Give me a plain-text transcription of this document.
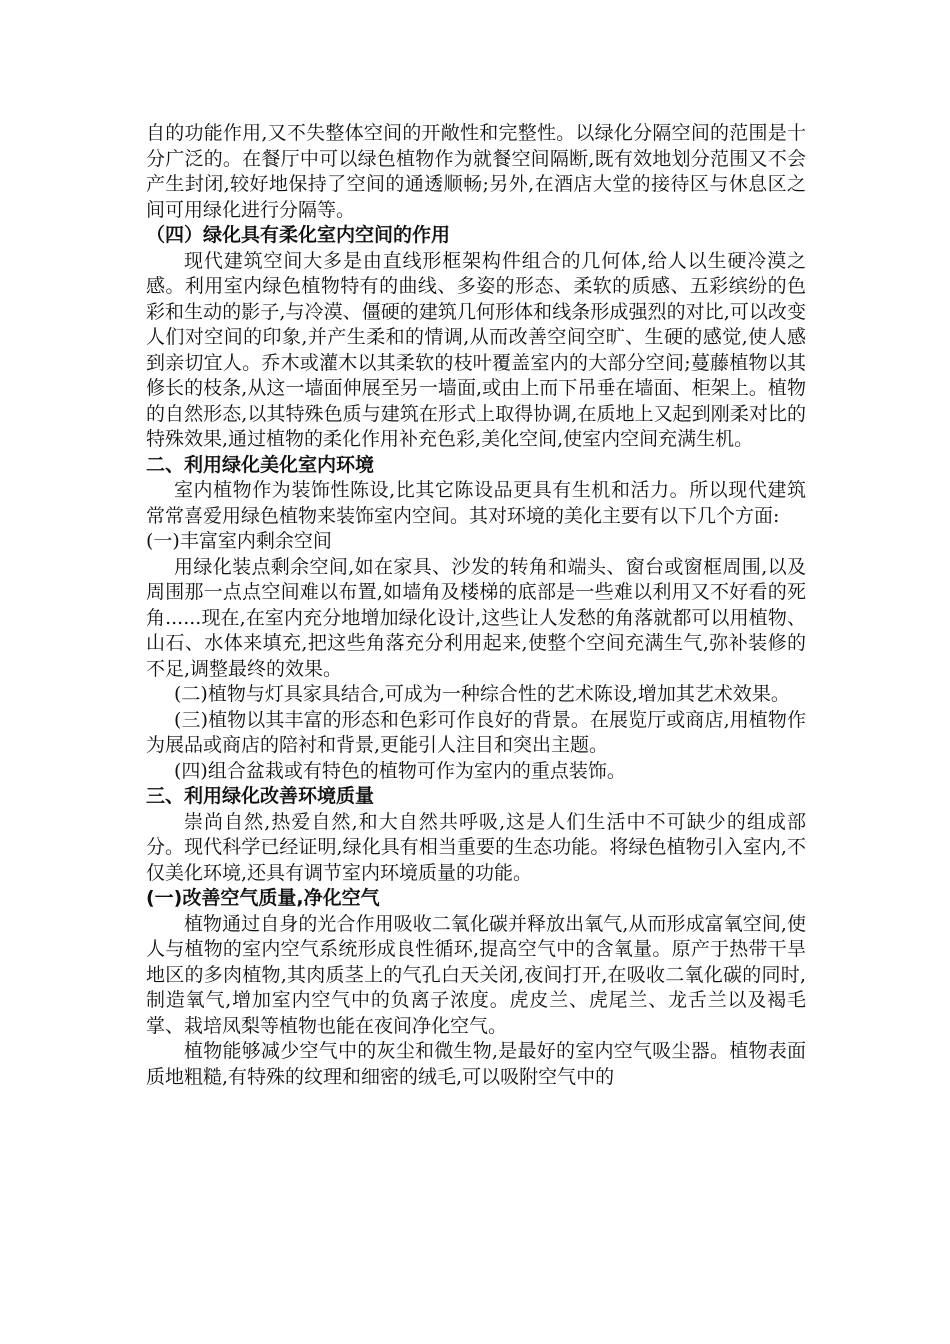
自的功能作用,又不失整体空间的开敞性和完整性。以绿化分隔空间的范围是十分广泛的。在餐厅中可以绿色植物作为就餐空间隔断,既有效地划分范围又不会产生封闭,较好地保持了空间的通透顺畅;另外,在酒店大堂的接待区与休息区之间可用绿化进行分隔等。

（四）绿化具有柔化室内空间的作用

现代建筑空间大多是由直线形框架构件组合的几何体,给人以生硬冷漠之感。利用室内绿色植物特有的曲线、多姿的形态、柔软的质感、五彩缤纷的色彩和生动的影子,与冷漠、僵硬的建筑几何形体和线条形成强烈的对比,可以改变人们对空间的印象,并产生柔和的情调,从而改善空间空旷、生硬的感觉,使人感到亲切宜人。乔木或灌木以其柔软的枝叶覆盖室内的大部分空间;蔓藤植物以其修长的枝条,从这一墙面伸展至另一墙面,或由上而下吊垂在墙面、柜架上。植物的自然形态,以其特殊色质与建筑在形式上取得协调,在质地上又起到刚柔对比的特殊效果,通过植物的柔化作用补充色彩,美化空间,使室内空间充满生机。

二、利用绿化美化室内环境

室内植物作为装饰性陈设,比其它陈设品更具有生机和活力。所以现代建筑常常喜爱用绿色植物来装饰室内空间。其对环境的美化主要有以下几个方面:

(一)丰富室内剩余空间

用绿化装点剩余空间,如在家具、沙发的转角和端头、窗台或窗框周围,以及周围那一点点空间难以布置,如墙角及楼梯的底部是一些难以利用又不好看的死角......现在,在室内充分地增加绿化设计,这些让人发愁的角落就都可以用植物、山石、水体来填充,把这些角落充分利用起来,使整个空间充满生气,弥补装修的不足,调整最终的效果。

(二)植物与灯具家具结合,可成为一种综合性的艺术陈设,增加其艺术效果。

(三)植物以其丰富的形态和色彩可作良好的背景。在展览厅或商店,用植物作为展品或商店的陪衬和背景,更能引人注目和突出主题。

(四)组合盆栽或有特色的植物可作为室内的重点装饰。

三、利用绿化改善环境质量

崇尚自然,热爱自然,和大自然共呼吸,这是人们生活中不可缺少的组成部分。现代科学已经证明,绿化具有相当重要的生态功能。将绿色植物引入室内,不仅美化环境,还具有调节室内环境质量的功能。

(一)改善空气质量,净化空气

植物通过自身的光合作用吸收二氧化碳并释放出氧气,从而形成富氧空间,使人与植物的室内空气系统形成良性循环,提高空气中的含氧量。原产于热带干旱地区的多肉植物,其肉质茎上的气孔白天关闭,夜间打开,在吸收二氧化碳的同时,制造氧气,增加室内空气中的负离子浓度。虎皮兰、虎尾兰、龙舌兰以及褐毛掌、栽培凤梨等植物也能在夜间净化空气。

植物能够减少空气中的灰尘和微生物,是最好的室内空气吸尘器。植物表面质地粗糙,有特殊的纹理和细密的绒毛,可以吸附空气中的
